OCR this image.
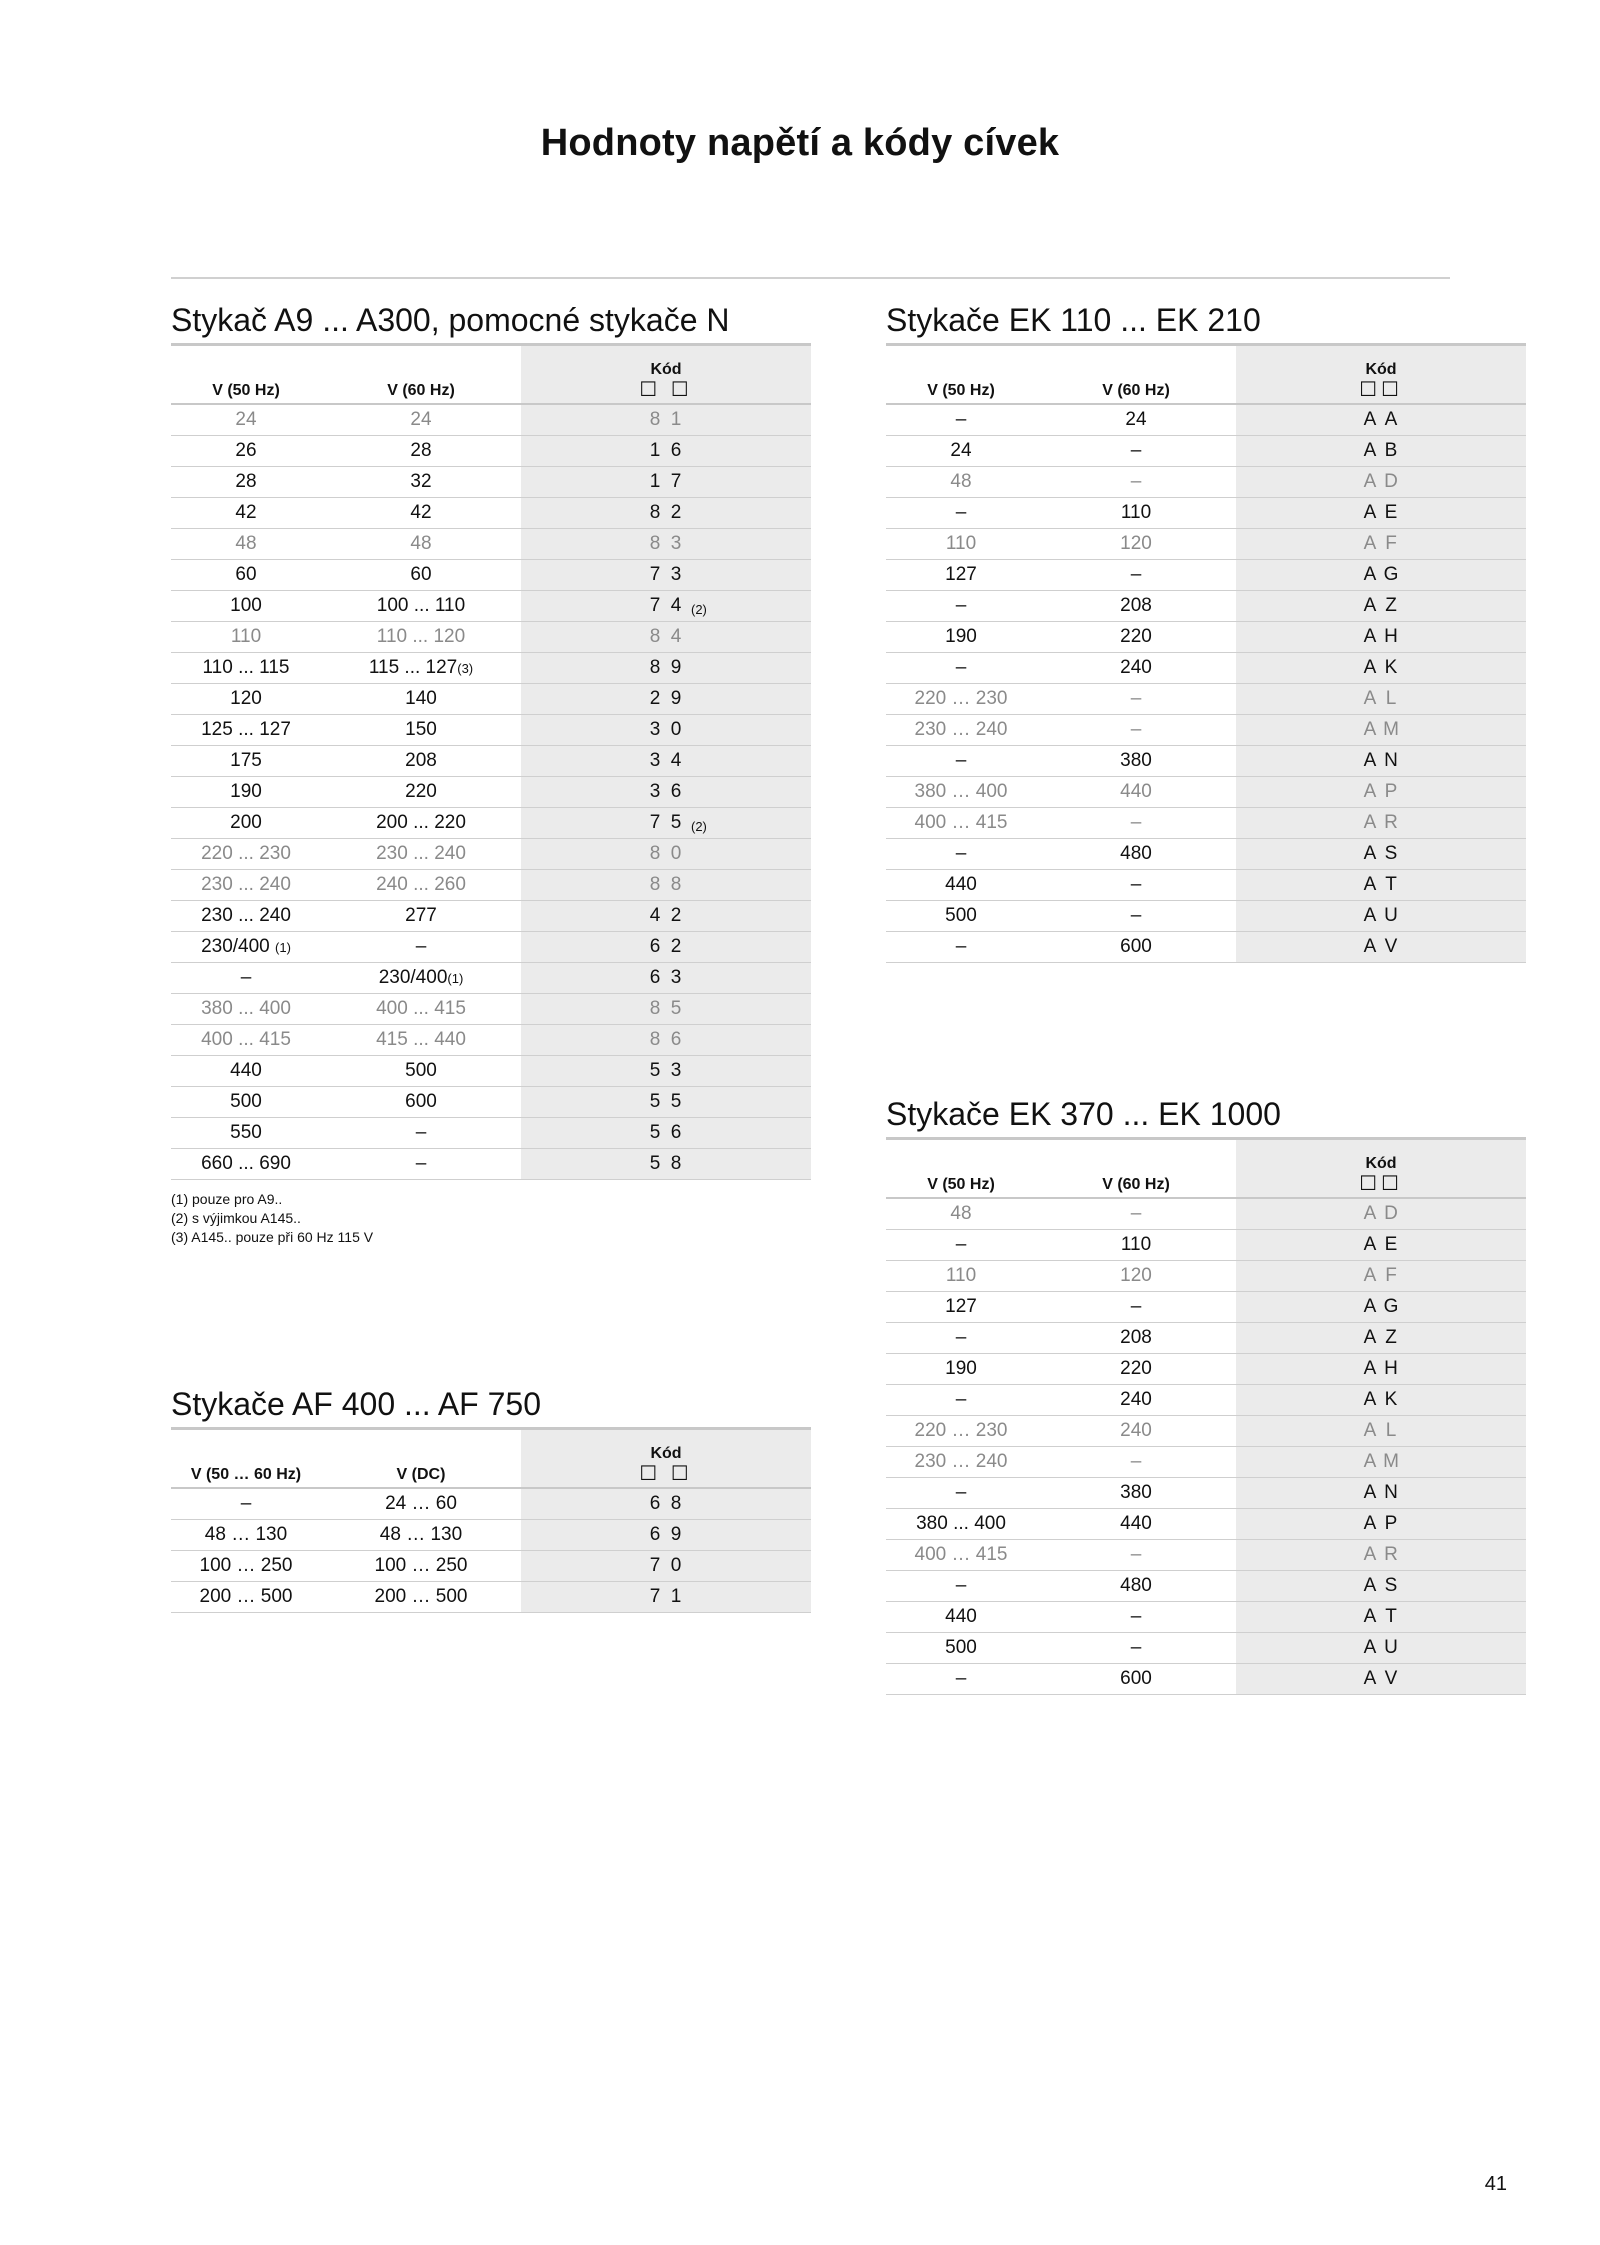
Hodnoty napětí a kódy cívek
Stykač A9 ... A300, pomocné stykače N
V (50 Hz)	V (60 Hz)	Kód
☐ ☐

24	24	8 1
26	28	1 6
28	32	1 7
42	42	8 2
48	48	8 3
60	60	7 3
100	100 ... 110	7 4 (2)

110	110 ... 120	8 4
110 ... 115	115 ... 127(3)	8 9
120	140	2 9
125 ... 127	150	3 0
175	208	3 4
190	220	3 6
200	200 ... 220	7 5 (2)

220 ... 230	230 ... 240	8 0
230 ... 240	240 ... 260	8 8
230 ... 240	277	4 2
230/400 (1)	–	6 2
–	230/400(1)	6 3
380 ... 400	400 ... 415	8 5
400 ... 415	415 ... 440	8 6
440	500	5 3
500	600	5 5
550	–	5 6
660 ... 690	–	5 8
(1) pouze pro A9..
(2) s výjimkou A145..
(3) A145.. pouze při 60 Hz 115 V
Stykače AF 400 ... AF 750
V (50 … 60 Hz)	V (DC)	Kód
☐ ☐

–	24 … 60	6 8
48 … 130	48 … 130	6 9
100 … 250	100 … 250	7 0
200 … 500	200 … 500	7 1
Stykače EK 110 ... EK 210
V (50 Hz)	V (60 Hz)	Kód
☐☐

–	24	A A
24	–	A B
48	–	A D
–	110	A E
110	120	A F
127	–	A G
–	208	A Z
190	220	A H
–	240	A K
220 … 230	–	A L
230 … 240	–	A M
–	380	A N
380 … 400	440	A P
400 … 415	–	A R
–	480	A S
440	–	A T
500	–	A U
–	600	A V
Stykače EK 370 ... EK 1000
V (50 Hz)	V (60 Hz)	Kód
☐☐

48	–	A D
–	110	A E
110	120	A F
127	–	A G
–	208	A Z
190	220	A H
–	240	A K
220 … 230	240	A L
230 … 240	–	A M
–	380	A N
380 ... 400	440	A P
400 … 415	–	A R
–	480	A S
440	–	A T
500	–	A U
–	600	A V
41
